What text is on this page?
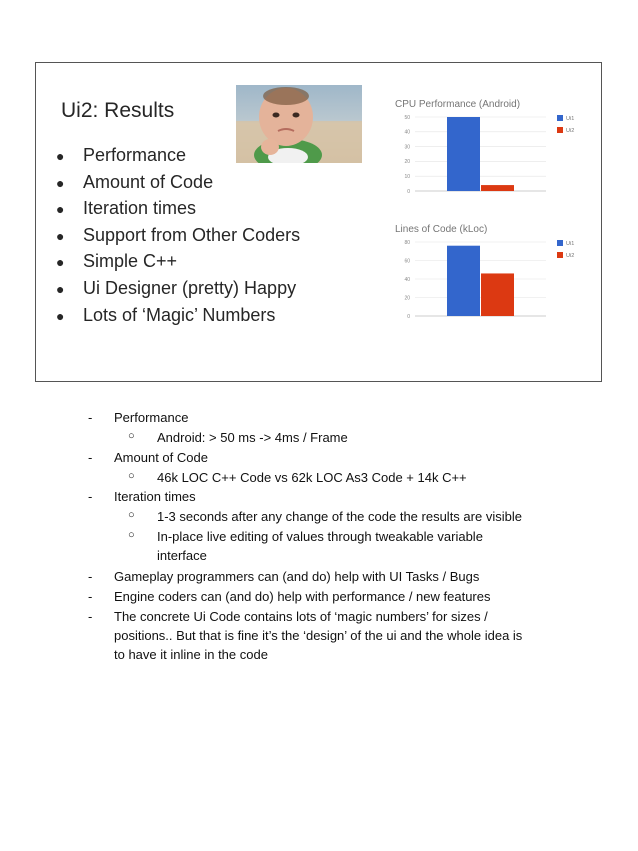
Ui2: Results
● Performance
● Amount of Code
● Iteration times
● Support from Other Coders
● Simple C++
● Ui Designer (pretty) Happy
● Lots of ‘Magic’ Numbers
CPU Performance (Android)
0
10
20
30
40
50	Ui1
Ui2
Lines of Code (kLoc)
0
20
40
60
80	Ui1
Ui2
- Performance
○ Android: > 50 ms -> 4ms / Frame
- Amount of Code
○ 46k LOC C++ Code vs 62k LOC As3 Code + 14k C++
- Iteration times
○ 1-3 seconds after any change of the code the results are visible
○ In-place live editing of values through tweakable variable
interface
- Gameplay programmers can (and do) help with UI Tasks / Bugs
- Engine coders can (and do) help with performance / new features
- The concrete Ui Code contains lots of ‘magic numbers’ for sizes /
positions.. But that is fine it’s the ‘design’ of the ui and the whole idea is
to have it inline in the code
